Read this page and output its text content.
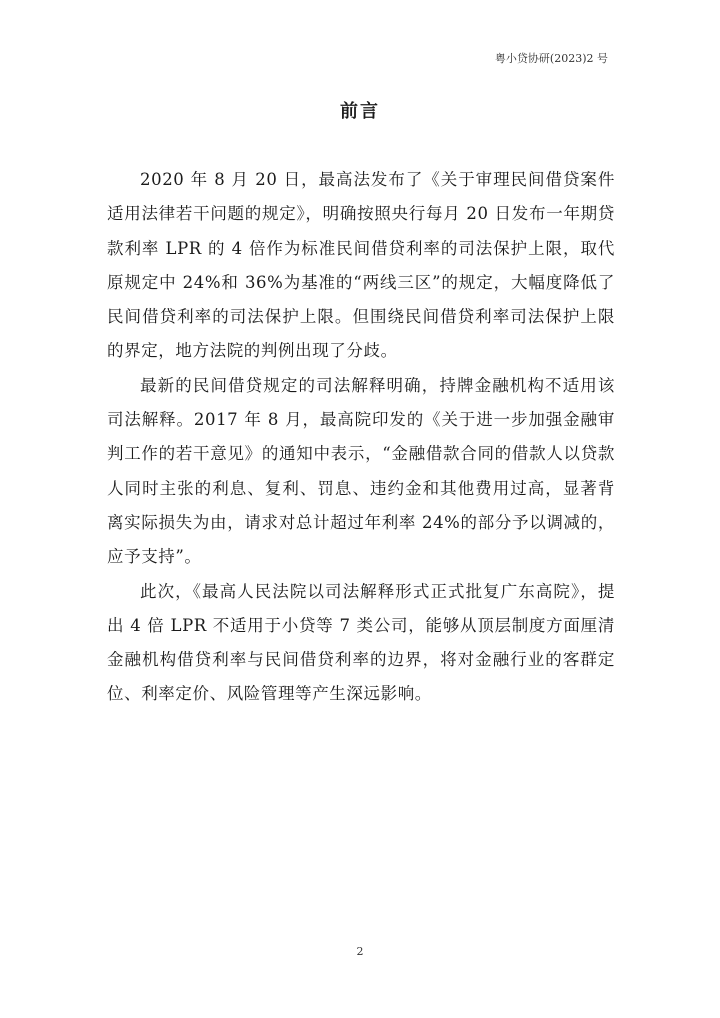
粤小贷协研(2023)2 号
前言

2020 年 8 月 20 日，最高法发布了《关于审理民间借贷案件适用法律若干问题的规定》，明确按照央行每月 20 日发布一年期贷款利率 LPR 的 4 倍作为标准民间借贷利率的司法保护上限，取代原规定中 24%和 36%为基准的“两线三区”的规定，大幅度降低了民间借贷利率的司法保护上限。但围绕民间借贷利率司法保护上限的界定，地方法院的判例出现了分歧。

最新的民间借贷规定的司法解释明确，持牌金融机构不适用该司法解释。2017 年 8 月，最高院印发的《关于进一步加强金融审判工作的若干意见》的通知中表示，“金融借款合同的借款人以贷款人同时主张的利息、复利、罚息、违约金和其他费用过高，显著背离实际损失为由，请求对总计超过年利率 24%的部分予以调减的，应予支持”。

此次，《最高人民法院以司法解释形式正式批复广东高院》，提出 4 倍 LPR 不适用于小贷等 7 类公司，能够从顶层制度方面厘清金融机构借贷利率与民间借贷利率的边界，将对金融行业的客群定位、利率定价、风险管理等产生深远影响。

2
